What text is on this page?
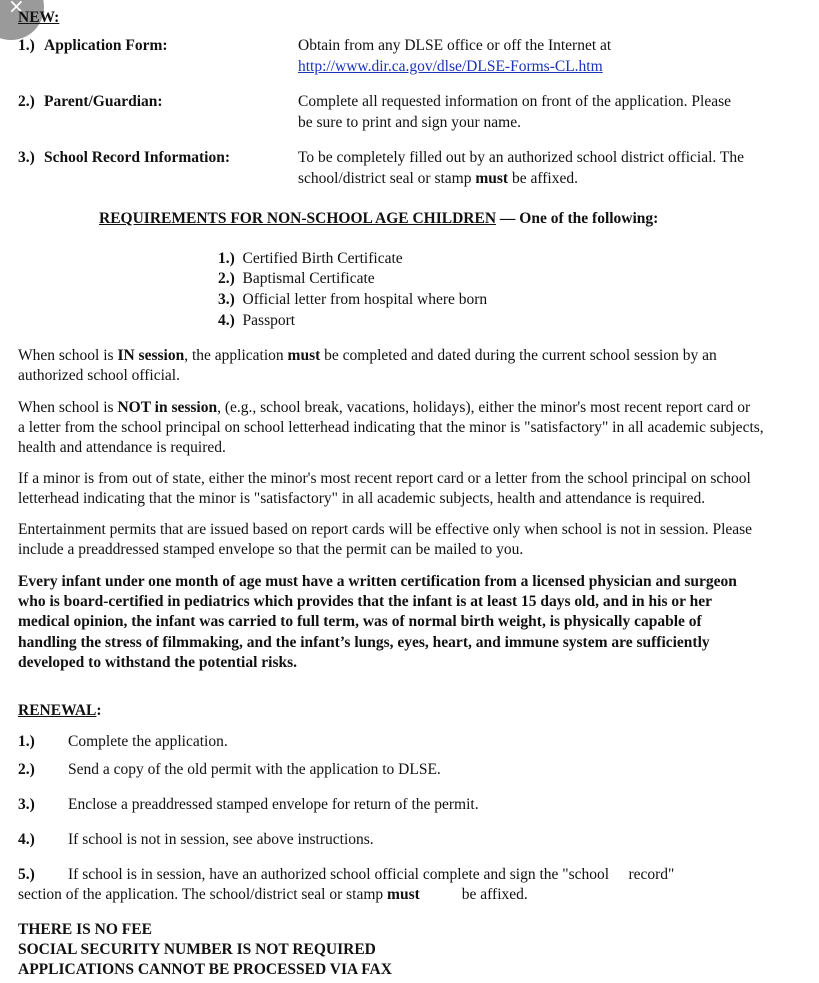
×
NEW:
1.) Application Form:	Obtain from any DLSE office or off the Internet at
http://www.dir.ca.gov/dlse/DLSE-Forms-CL.htm
2.) Parent/Guardian:	Complete all requested information on front of the application. Please
be sure to print and sign your name.
3.) School Record Information:	To be completely filled out by an authorized school district official. The
school/district seal or stamp must be affixed.
REQUIREMENTS FOR NON-SCHOOL AGE CHILDREN — One of the following:
1.) Certified Birth Certificate
2.) Baptismal Certificate
3.) Official letter from hospital where born
4.) Passport
When school is IN session, the application must be completed and dated during the current school session by an
authorized school official.
When school is NOT in session, (e.g., school break, vacations, holidays), either the minor's most recent report card or
a letter from the school principal on school letterhead indicating that the minor is "satisfactory" in all academic subjects,
health and attendance is required.
If a minor is from out of state, either the minor's most recent report card or a letter from the school principal on school
letterhead indicating that the minor is "satisfactory" in all academic subjects, health and attendance is required.
Entertainment permits that are issued based on report cards will be effective only when school is not in session. Please
include a preaddressed stamped envelope so that the permit can be mailed to you.
Every infant under one month of age must have a written certification from a licensed physician and surgeon
who is board-certified in pediatrics which provides that the infant is at least 15 days old, and in his or her
medical opinion, the infant was carried to full term, was of normal birth weight, is physically capable of
handling the stress of filmmaking, and the infant’s lungs, eyes, heart, and immune system are sufficiently
developed to withstand the potential risks.
RENEWAL:
1.) Complete the application.
2.) Send a copy of the old permit with the application to DLSE.
3.) Enclose a preaddressed stamped envelope for return of the permit.
4.) If school is not in session, see above instructions.
5.) If school is in session, have an authorized school official complete and sign the "school     record"
section of the application. The school/district seal or stamp must	be affixed.
THERE IS NO FEE
SOCIAL SECURITY NUMBER IS NOT REQUIRED
APPLICATIONS CANNOT BE PROCESSED VIA FAX
